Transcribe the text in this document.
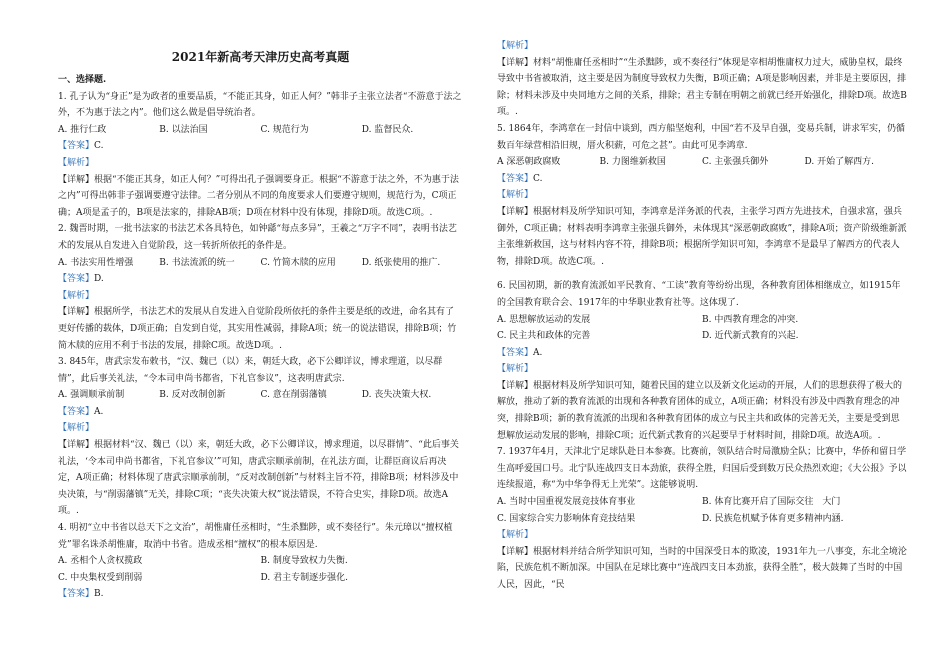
2021年新高考天津历史高考真题

一、选择题.

1. 孔子认为“身正”是为政者的重要品质，“不能正其身，如正人何？”韩非子主张立法者“不游意于法之外，不为惠于法之内”。他们这么做是倡导统治者。

A. 推行仁政	B. 以法治国	C. 规范行为	D. 监督民众.

【答案】C.

【解析】

【详解】根据“不能正其身，如正人何？”可得出孔子强调要身正。根据“不游意于法之外，不为惠于法之内”可得出韩非子强调要遵守法律。二者分别从不同的角度要求人们要遵守规则，规范行为，C项正确；A项是孟子的，B项是法家的，排除AB项；D项在材料中没有体现，排除D项。故选C项。.

2. 魏晋时期，一批书法家的书法艺术各具特色，如钟繇“每点多异”，王羲之“万字不同”，表明书法艺术的发展从自发进入自觉阶段，这一转折所依托的条件是。

A. 书法实用性增强	B. 书法流派的统一	C. 竹简木牍的应用	D. 纸张使用的推广.

【答案】D.

【解析】

【详解】根据所学，书法艺术的发展从自发进入自觉阶段所依托的条件主要是纸的改进，命名其有了更好传播的载体，D项正确；自发到自觉，其实用性减弱，排除A项；统一的说法错误，排除B项；竹简木牍的应用不利于书法的发展，排除C项。故选D项。.

3. 845年，唐武宗发布敕书，“汉、魏已（以）来，朝廷大政，必下公卿详议，博求理道，以尽群情”，此后事关礼法，“令本司申尚书都省，下礼官参议”，这表明唐武宗.

A. 强调顺承前制	B. 反对改制创新	C. 意在削弱藩镇	D. 丧失决策大权.

【答案】A.

【解析】

【详解】根据材料“汉、魏已（以）来，朝廷大政，必下公卿详议，博求理道，以尽群情”、“此后事关礼法，‘令本司申尚书都省，下礼官参议’”可知，唐武宗顺承前制，在礼法方面，让群臣商议后再决定，A项正确；材料体现了唐武宗顺承前制，“反对改制创新”与材料主旨不符，排除B项；材料涉及中央决策，与“削弱藩镇”无关，排除C项；“丧失决策大权”说法错误，不符合史实，排除D项。故选A项。.

4. 明初“立中书省以总天下之文治”，胡惟庸任丞相时，“生杀黜陟，或不奏径行”。朱元璋以“擅权植党”罪名诛杀胡惟庸，取消中书省。造成丞相“擅权”的根本原因是.

A. 丞相个人贪权揽政	B. 制度导致权力失衡.
C. 中央集权受到削弱	D. 君主专制逐步强化.

【答案】B.

【解析】

【详解】材料“胡惟庸任丞相时”“生杀黜陟，或不奏径行”体现是宰相胡惟庸权力过大，威胁皇权，最终导致中书省被取消，这主要是因为制度导致权力失衡，B项正确；A项是影响因素，并非是主要原因，排除；材料未涉及中央同地方之间的关系，排除；君主专制在明朝之前就已经开始强化，排除D项。故选B项。.

5. 1864年，李鸿章在一封信中谈到，西方船坚炮利，中国“若不及早自强，变易兵制，讲求军实，仍循数百年绿营相沿旧规，厝火积薪，可危之甚”。由此可见李鸿章.

A 深恶朝政腐败	B. 力图维新救国	C. 主张强兵御外	D. 开始了解西方.

【答案】C.

【解析】

【详解】根据材料及所学知识可知，李鸿章是洋务派的代表，主张学习西方先进技术，自强求富，强兵御外，C项正确；材料表明李鸿章主张强兵御外，未体现其“深恶朝政腐败”，排除A项；资产阶级维新派主张维新救国，这与材料内容不符，排除B项；根据所学知识可知，李鸿章不是最早了解西方的代表人物，排除D项。故选C项。.

6. 民国初期，新的教育流派如平民教育、“工读”教育等纷纷出现，各种教育团体相继成立，如1915年的全国教育联合会、1917年的中华职业教育社等。这体现了.

A. 思想解放运动的发展	B. 中西教育理念的冲突.
C. 民主共和政体的完善	D. 近代新式教育的兴起.

【答案】A.

【解析】

【详解】根据材料及所学知识可知，随着民国的建立以及新文化运动的开展，人们的思想获得了极大的解放，推动了新的教育流派的出现和各种教育团体的成立，A项正确；材料没有涉及中西教育理念的冲突，排除B项；新的教育流派的出现和各种教育团体的成立与民主共和政体的完善无关，主要是受到思想解放运动发展的影响，排除C项；近代新式教育的兴起要早于材料时间，排除D项。故选A项。.

7. 1937年4月，天津北宁足球队赴日本参赛。比赛前，领队结合时局激励全队；比赛中，华侨和留日学生高呼爱国口号。北宁队连战四支日本劲旅，获得全胜，归国后受到数万民众热烈欢迎；《大公报》予以连续报道，称“为中华争得无上光荣”。这能够说明.

A. 当时中国重视发展竞技体育事业	B. 体育比赛开启了国际交往　大门
C. 国家综合实力影响体育竞技结果	D. 民族危机赋予体育更多精神内涵.

【解析】

【详解】根据材料并结合所学知识可知，当时的中国深受日本的欺凌，1931年九一八事变，东北全境沦陷，民族危机不断加深。中国队在足球比赛中“连战四支日本劲旅，获得全胜”，极大鼓舞了当时的中国人民，因此，“民
